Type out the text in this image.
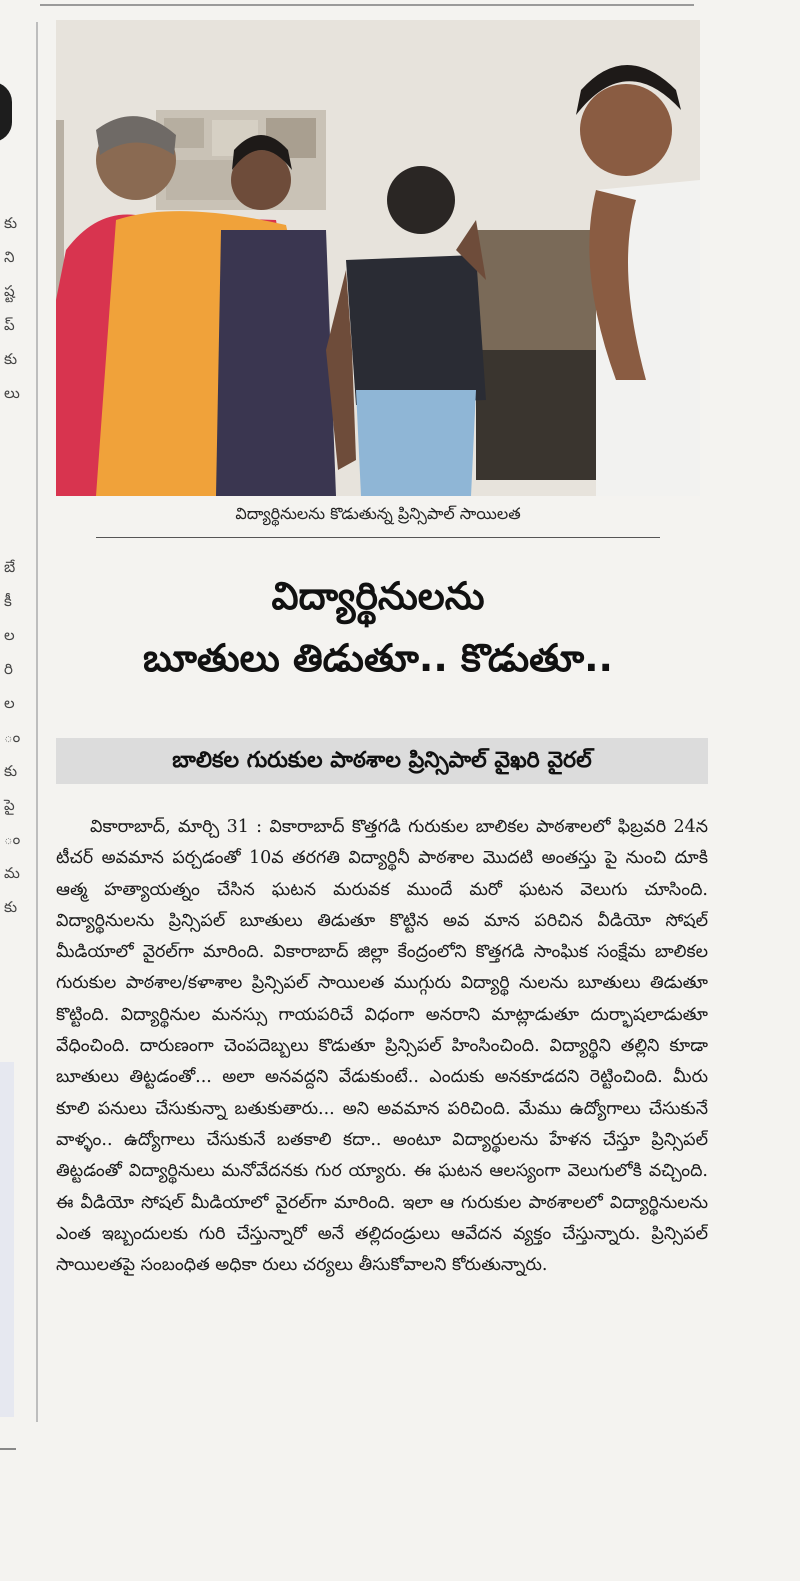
కు
ని
ష్ట
ప్
కు
లు
బే
కీ
ల
రి
ల
ం
కు
పై
ం
మ
కు
విద్యార్థినులను కొడుతున్న ప్రిన్సిపాల్ సాయిలత
విద్యార్థినులను
బూతులు తిడుతూ.. కొడుతూ..
బాలికల గురుకుల పాఠశాల ప్రిన్సిపాల్ వైఖరి వైరల్
వికారాబాద్, మార్చి 31 : వికారాబాద్ కొత్తగడి గురుకుల బాలికల పాఠశాలలో ఫిబ్రవరి 24న టీచర్ అవమాన పర్చడంతో 10వ తరగతి విద్యార్థినీ పాఠశాల మొదటి అంతస్తు పై నుంచి దూకి ఆత్మ హత్యాయత్నం చేసిన ఘటన మరువక ముందే మరో ఘటన వెలుగు చూసింది. విద్యార్థినులను ప్రిన్సిపల్ బూతులు తిడుతూ కొట్టిన అవ మాన పరిచిన వీడియో సోషల్ మీడియాలో వైరల్‌గా మారింది. వికారాబాద్ జిల్లా కేంద్రంలోని కొత్తగడి సాంఘిక సంక్షేమ బాలికల గురుకుల పాఠశాల/కళాశాల ప్రిన్సిపల్ సాయిలత ముగ్గురు విద్యార్థి నులను బూతులు తిడుతూ కొట్టింది. విద్యార్థినుల మనస్సు గాయపరిచే విధంగా అనరాని మాట్లాడుతూ దుర్భాషలాడుతూ వేధించింది. దారుణంగా చెంపదెబ్బలు కొడుతూ ప్రిన్సిపల్ హింసించింది. విద్యార్థిని తల్లిని కూడా బూతులు తిట్టడంతో... అలా అనవద్దని వేడుకుంటే.. ఎందుకు అనకూడదని రెట్టించింది. మీరు కూలి పనులు చేసుకున్నా బతుకుతారు... అని అవమాన పరిచింది. మేము ఉద్యోగాలు చేసుకునే వాళ్ళం.. ఉద్యోగాలు చేసుకునే బతకాలి కదా.. అంటూ విద్యార్థులను హేళన చేస్తూ ప్రిన్సిపల్ తిట్టడంతో విద్యార్థినులు మనోవేదనకు గుర య్యారు. ఈ ఘటన ఆలస్యంగా వెలుగులోకి వచ్చింది. ఈ వీడియో సోషల్ మీడియాలో వైరల్‌గా మారింది. ఇలా ఆ గురుకుల పాఠశాలలో విద్యార్థినులను ఎంత ఇబ్బందులకు గురి చేస్తున్నారో అనే తల్లిదండ్రులు ఆవేదన వ్యక్తం చేస్తున్నారు. ప్రిన్సిపల్ సాయిలతపై సంబంధిత అధికా రులు చర్యలు తీసుకోవాలని కోరుతున్నారు.
